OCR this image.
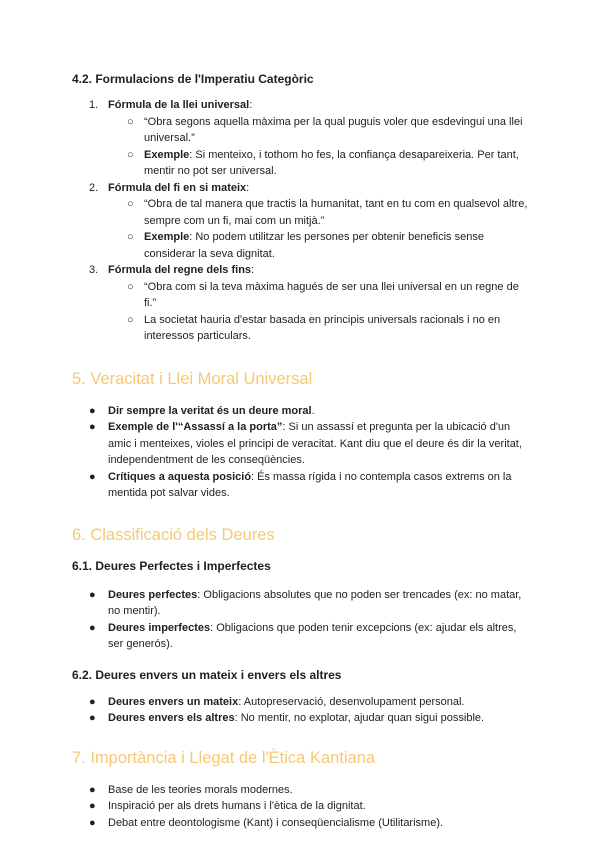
4.2. Formulacions de l'Imperatiu Categòric
1. Fórmula de la llei universal:
○ “Obra segons aquella màxima per la qual puguis voler que esdevingui una llei universal.”
○ Exemple: Si menteixo, i tothom ho fes, la confiança desapareixeria. Per tant, mentir no pot ser universal.
2. Fórmula del fi en si mateix:
○ “Obra de tal manera que tractis la humanitat, tant en tu com en qualsevol altre, sempre com un fi, mai com un mitjà.”
○ Exemple: No podem utilitzar les persones per obtenir beneficis sense considerar la seva dignitat.
3. Fórmula del regne dels fins:
○ “Obra com si la teva màxima hagués de ser una llei universal en un regne de fi.”
○ La societat hauria d'estar basada en principis universals racionals i no en interessos particulars.
5. Veracitat i Llei Moral Universal
● Dir sempre la veritat és un deure moral.
● Exemple de l'“Assassí a la porta”: Si un assassí et pregunta per la ubicació d'un amic i menteixes, violes el principi de veracitat. Kant diu que el deure és dir la veritat, independentment de les conseqüències.
● Crítiques a aquesta posició: És massa rígida i no contempla casos extrems on la mentida pot salvar vides.
6. Classificació dels Deures
6.1. Deures Perfectes i Imperfectes
● Deures perfectes: Obligacions absolutes que no poden ser trencades (ex: no matar, no mentir).
● Deures imperfectes: Obligacions que poden tenir excepcions (ex: ajudar els altres, ser generós).
6.2. Deures envers un mateix i envers els altres
● Deures envers un mateix: Autopreservació, desenvolupament personal.
● Deures envers els altres: No mentir, no explotar, ajudar quan sigui possible.
7. Importància i Llegat de l'Ètica Kantiana
● Base de les teories morals modernes.
● Inspiració per als drets humans i l'ètica de la dignitat.
● Debat entre deontologisme (Kant) i conseqüencialisme (Utilitarisme).
